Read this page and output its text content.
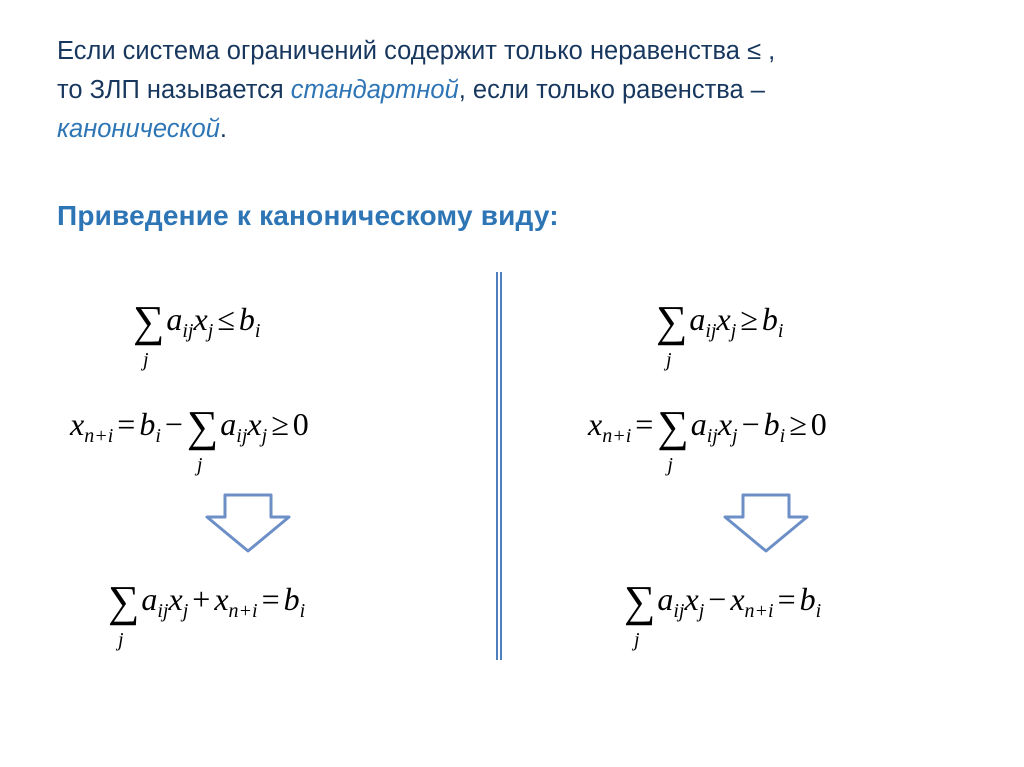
Если система ограничений содержит только неравенства ≤ ,
то ЗЛП называется стандартной, если только равенства –
канонической.
Приведение к каноническому виду:
∑
j
$a_{ij}x_j \le b_i$
$x_{n+i} = b_i$ −∑
j
$a_{ij}x_j \ge 0$
∑
j
$a_{ij}x_j + x_{n+i} = b_i$
∑
j
$a_{ij}x_j \ge b_i$
$x_{n+i}$ =∑
j
$a_{ij}x_j - b_i \ge 0$
∑
j
$a_{ij}x_j - x_{n+i} = b_i$
